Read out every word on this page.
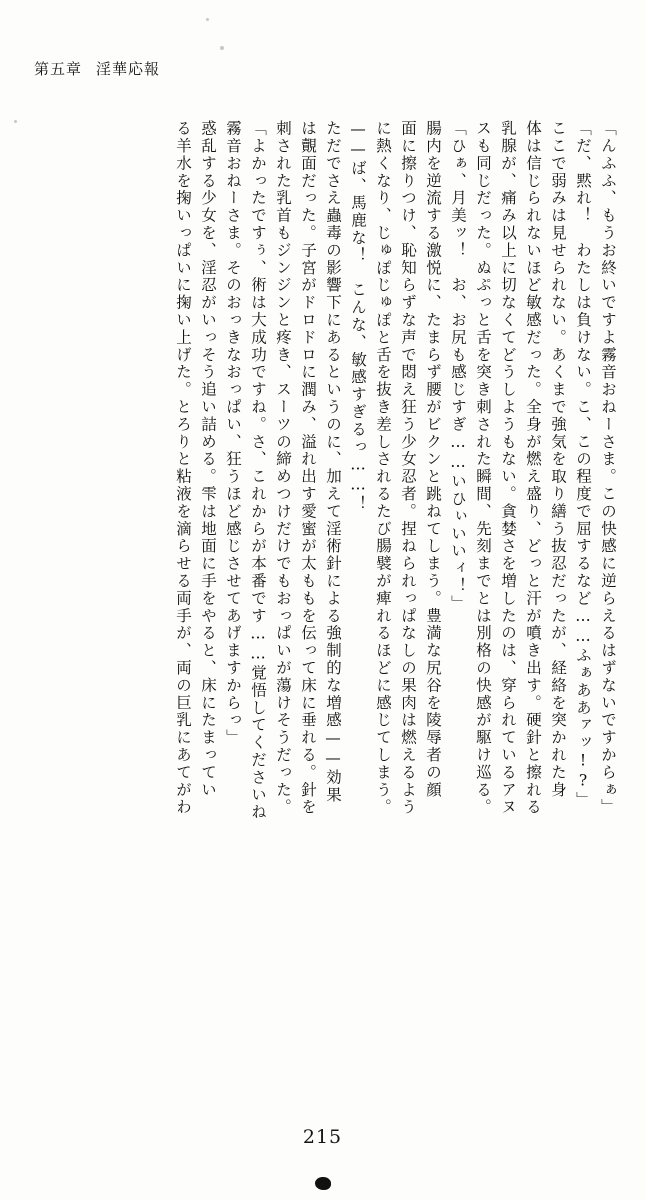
第五章 淫華応報
る羊水を掬いっぱいに掬い上げた。とろりと粘液を滴らせる両手が、両の巨乳にあてがわ 惑乱する少女を、淫忍がいっそう追い詰める。雫は地面に手をやると、床にたまってい 霧音おねーさま。そのおっきなおっぱい、狂うほど感じさせてあげますからっ」 「よかったですぅ、術は大成功ですね。さ、これからが本番です……覚悟してくださいね 刺された乳首もジンジンと疼き、スーツの締めつけだけでもおっぱいが蕩けそうだった。 は覿面だった。子宮がドロドロに潤み、溢れ出す愛蜜が太ももを伝って床に垂れる。針を ただでさえ蟲毒の影響下にあるというのに、加えて淫術針による強制的な増感——効果 ——ば、馬鹿な！　こんな、敏感すぎるっ……！ に熱くなり、じゅぽじゅぽと舌を抜き差しされるたび腸襞が痺れるほどに感じてしまう。 面に擦りつけ、恥知らずな声で悶え狂う少女忍者。捏ねられっぱなしの果肉は燃えるよう 腸内を逆流する激悦に、たまらず腰がビクンと跳ねてしまう。豊満な尻谷を陵辱者の顔 「ひぁ、月美ッ！　お、お尻も感じすぎ……いひぃいいィ！」 スも同じだった。ぬぷっと舌を突き刺された瞬間、先刻までとは別格の快感が駆け巡る。 乳腺が、痛み以上に切なくてどうしようもない。貪婪さを増したのは、穿られているアヌ 体は信じられないほど敏感だった。全身が燃え盛り、どっと汗が噴き出す。硬針と擦れる ここで弱みは見せられない。あくまで強気を取り繕う抜忍だったが、経絡を突かれた身 「だ、黙れ！　わたしは負けない。こ、この程度で屈するなど……ふぁああァッ!?」 「んふふ、もうお終いですよ霧音おねーさま。この快感に逆らえるはずないですからぁ」
215
